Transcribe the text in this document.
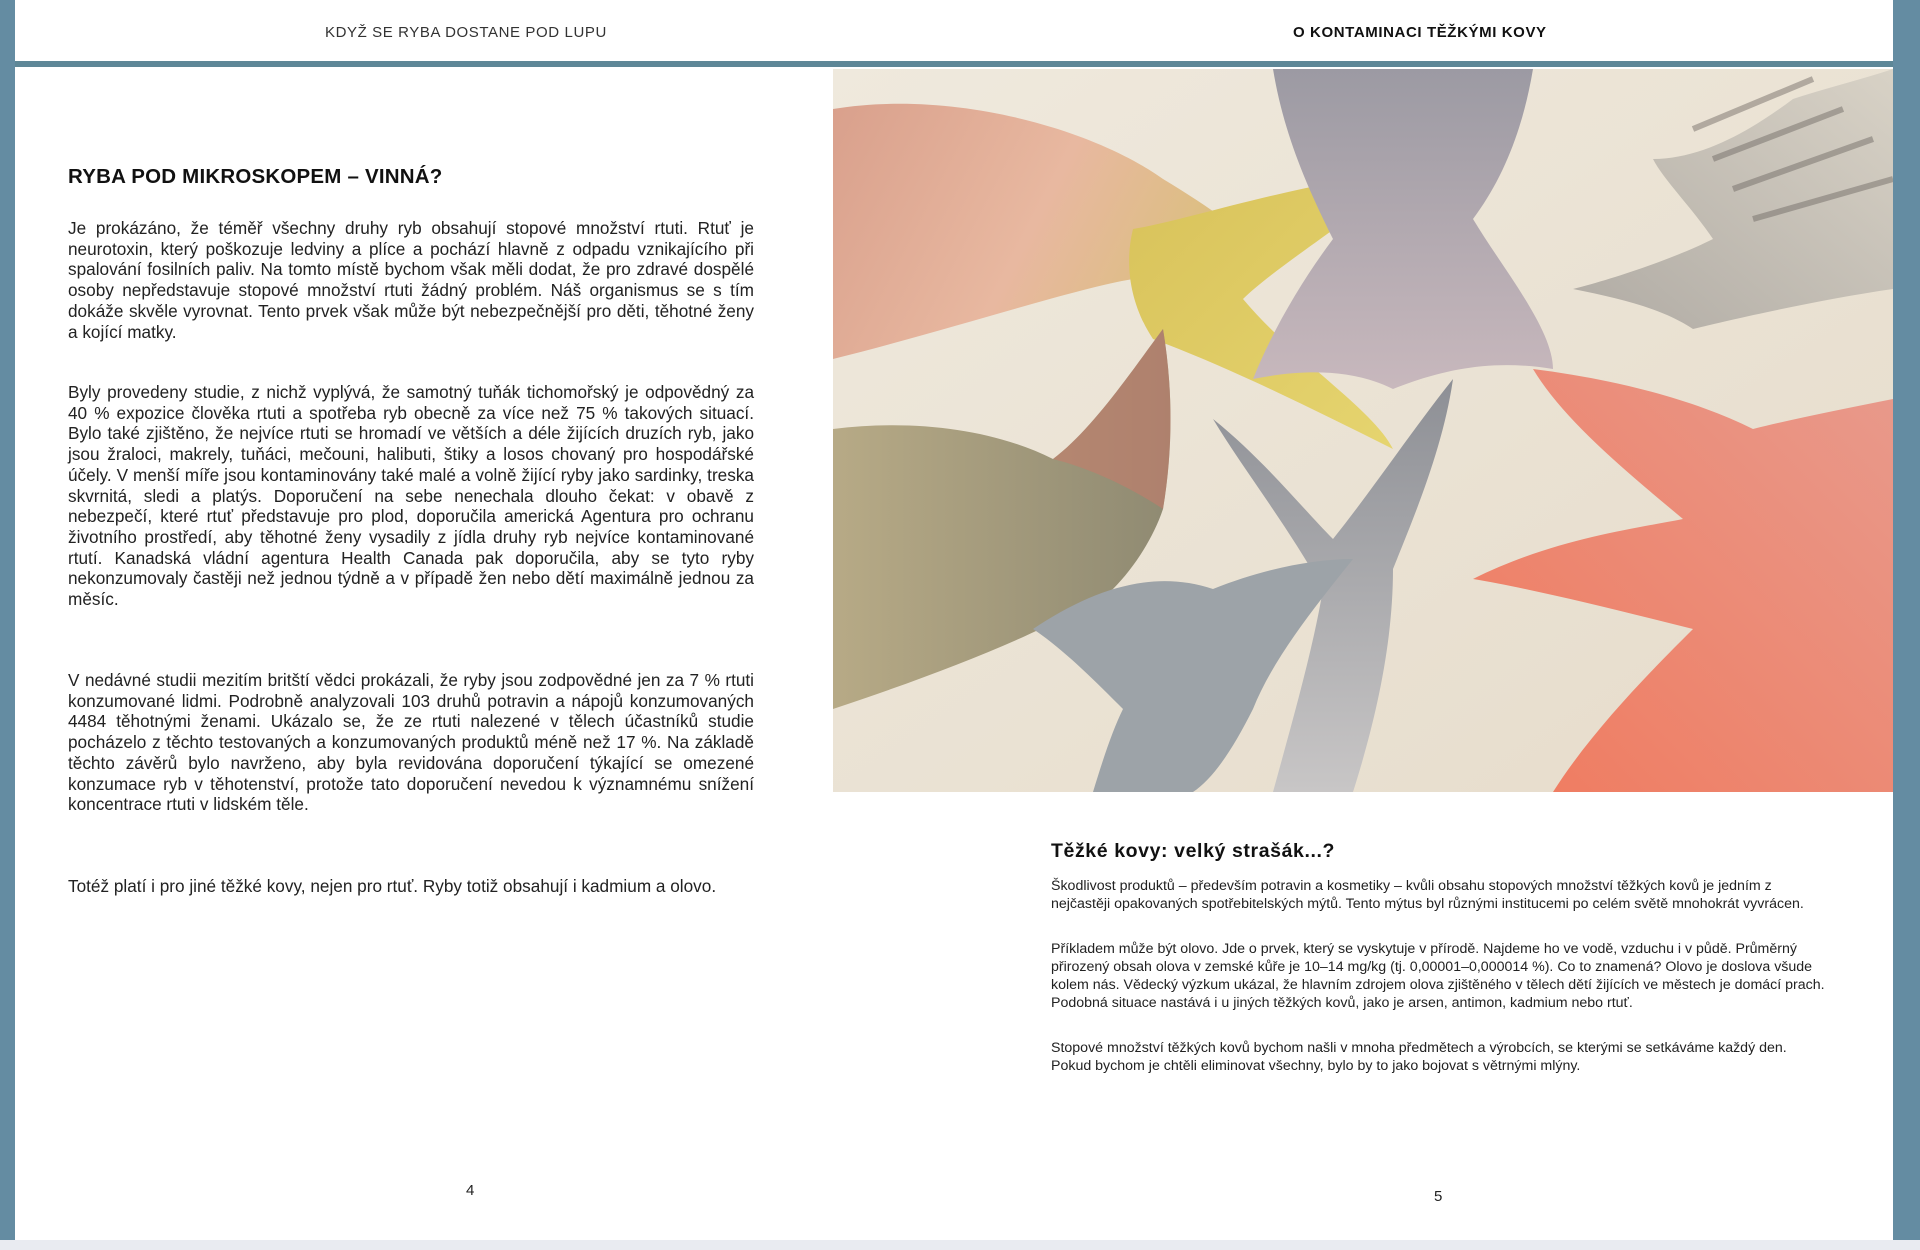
KDYŽ SE RYBA DOSTANE POD LUPU	O KONTAMINACI TĚŽKÝMI KOVY
RYBA POD MIKROSKOPEM – VINNÁ?

Je prokázáno, že téměř všechny druhy ryb obsahují stopové množství rtuti. Rtuť je neurotoxin, který poškozuje ledviny a plíce a pochází hlavně z odpadu vznikajícího při spalování fosilních paliv. Na tomto místě bychom však měli dodat, že pro zdravé dospělé osoby nepředstavuje stopové množství rtuti žádný problém. Náš organismus se s tím dokáže skvěle vyrovnat. Tento prvek však může být nebezpečnější pro děti, těhotné ženy a kojící matky.

Byly provedeny studie, z nichž vyplývá, že samotný tuňák tichomořský je odpovědný za 40 % expozice člověka rtuti a spotřeba ryb obecně za více než 75 % takových situací. Bylo také zjištěno, že nejvíce rtuti se hromadí ve větších a déle žijících druzích ryb, jako jsou žraloci, makrely, tuňáci, mečouni, halibuti, štiky a losos chovaný pro hospodářské účely. V menší míře jsou kontaminovány také malé a volně žijící ryby jako sardinky, treska skvrnitá, sledi a platýs. Doporučení na sebe nenechala dlouho čekat: v obavě z nebezpečí, které rtuť představuje pro plod, doporučila americká Agentura pro ochranu životního prostředí, aby těhotné ženy vysadily z jídla druhy ryb nejvíce kontaminované rtutí. Kanadská vládní agentura Health Canada pak doporučila, aby se tyto ryby nekonzumovaly častěji než jednou týdně a v případě žen nebo dětí maximálně jednou za měsíc.

V nedávné studii mezitím britští vědci prokázali, že ryby jsou zodpovědné jen za 7 % rtuti konzumované lidmi. Podrobně analyzovali 103 druhů potravin a nápojů konzumovaných 4484 těhotnými ženami. Ukázalo se, že ze rtuti nalezené v tělech účastníků studie pocházelo z těchto testovaných a konzumovaných produktů méně než 17 %. Na základě těchto závěrů bylo navrženo, aby byla revidována doporučení týkající se omezené konzumace ryb v těhotenství, protože tato doporučení nevedou k významnému snížení koncentrace rtuti v lidském těle.

Totéž platí i pro jiné těžké kovy, nejen pro rtuť. Ryby totiž obsahují i kadmium a olovo.

Těžké kovy: velký strašák...?

Škodlivost produktů – především potravin a kosmetiky – kvůli obsahu stopových množství těžkých kovů je jedním z nejčastěji opakovaných spotřebitelských mýtů. Tento mýtus byl různými institucemi po celém světě mnohokrát vyvrácen.

Příkladem může být olovo. Jde o prvek, který se vyskytuje v přírodě. Najdeme ho ve vodě, vzduchu i v půdě. Průměrný přirozený obsah olova v zemské kůře je 10–14 mg/kg (tj. 0,00001–0,000014 %). Co to znamená? Olovo je doslova všude kolem nás. Vědecký výzkum ukázal, že hlavním zdrojem olova zjištěného v tělech dětí žijících ve městech je domácí prach. Podobná situace nastává i u jiných těžkých kovů, jako je arsen, antimon, kadmium nebo rtuť.

Stopové množství těžkých kovů bychom našli v mnoha předmětech a výrobcích, se kterými se setkáváme každý den. Pokud bychom je chtěli eliminovat všechny, bylo by to jako bojovat s větrnými mlýny.

4	5
